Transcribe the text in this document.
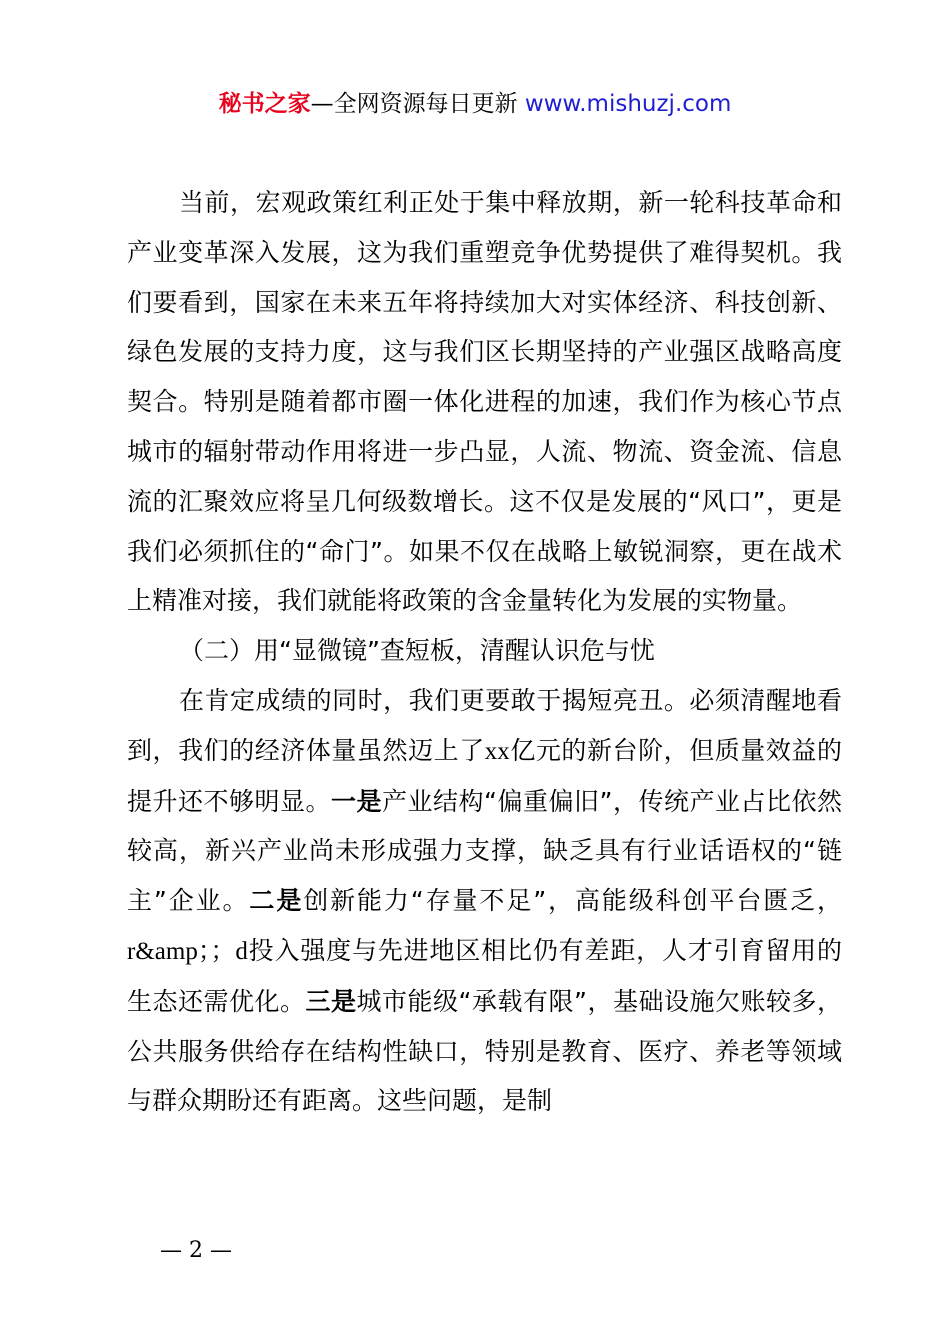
秘书之家—全网资源每日更新 www.mishuzj.com

当前，宏观政策红利正处于集中释放期，新一轮科技革命和产业变革深入发展，这为我们重塑竞争优势提供了难得契机。我们要看到，国家在未来五年将持续加大对实体经济、科技创新、绿色发展的支持力度，这与我们区长期坚持的产业强区战略高度契合。特别是随着都市圈一体化进程的加速，我们作为核心节点城市的辐射带动作用将进一步凸显，人流、物流、资金流、信息流的汇聚效应将呈几何级数增长。这不仅是发展的“风口”，更是我们必须抓住的“命门”。如果不仅在战略上敏锐洞察，更在战术上精准对接，我们就能将政策的含金量转化为发展的实物量。

（二）用“显微镜”查短板，清醒认识危与忧

在肯定成绩的同时，我们更要敢于揭短亮丑。必须清醒地看到，我们的经济体量虽然迈上了xx亿元的新台阶，但质量效益的提升还不够明显。一是产业结构“偏重偏旧”，传统产业占比依然较高，新兴产业尚未形成强力支撑，缺乏具有行业话语权的“链主”企业。二是创新能力“存量不足”，高能级科创平台匮乏，r&amp；；d投入强度与先进地区相比仍有差距，人才引育留用的生态还需优化。三是城市能级“承载有限”，基础设施欠账较多，公共服务供给存在结构性缺口，特别是教育、医疗、养老等领域与群众期盼还有距离。这些问题，是制

— 2 —
